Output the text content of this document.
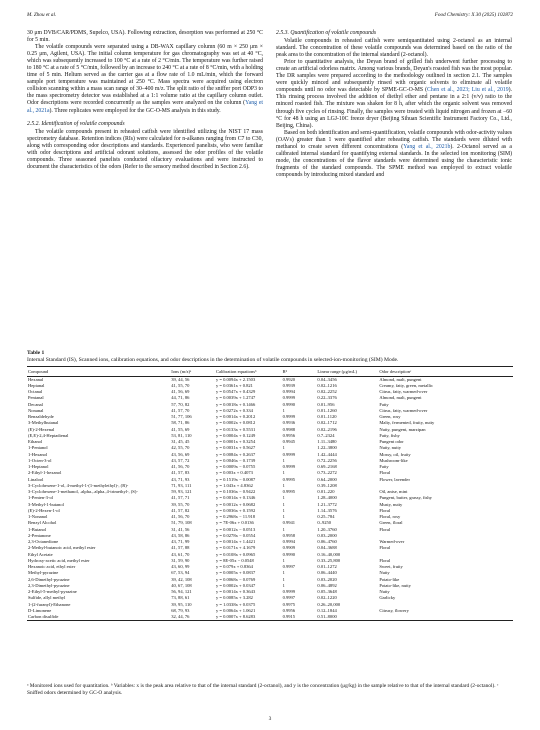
M. Zhou et al.	Food Chemistry: X 30 (2025) 102872

30 μm DVB/CAR/PDMS, Supelco, USA). Following extraction, desorption was performed at 250 °C for 5 min.

The volatile compounds were separated using a DB-WAX capillary column (60 m × 250 μm × 0.25 μm, Agilent, USA). The initial column temperature for gas chromatography was set at 40 °C, which was subsequently increased to 100 °C at a rate of 2 °C/min. The temperature was further raised to 180 °C at a rate of 5 °C/min, followed by an increase to 240 °C at a rate of 8 °C/min, with a holding time of 5 min. Helium served as the carrier gas at a flow rate of 1.0 mL/min, which the forward sample port temperature was maintained at 250 °C. Mass spectra were acquired using electron collision scanning within a mass scan range of 30–400 m/z. The split ratio of the sniffer port ODP3 to the mass spectrometry detector was established at a 1:1 volume ratio at the capillary column outlet. Odor descriptions were recorded concurrently as the samples were analyzed on the column (Yang et al., 2021a). Three replicates were employed for the GC-O-MS analysis in this study.

2.5.2. Identification of volatile compounds

The volatile compounds present in reheated catfish were identified utilizing the NIST 17 mass spectrometry database. Retention indices (RIs) were calculated for n-alkanes ranging from C7 to C30, along with corresponding odor descriptions and standards. Experienced panelists, who were familiar with odor descriptions and artificial odorant solutions, assessed the odor profiles of the volatile compounds. Three seasoned panelists conducted olfactory evaluations and were instructed to document the characteristics of the odors (Refer to the sensory method described in Section 2.6).

2.5.3. Quantification of volatile compounds

Volatile compounds in reheated catfish were semiquantitated using 2-octanol as an internal standard. The concentration of these volatile compounds was determined based on the ratio of the peak area to the concentration of the internal standard (2-octanol).

Prior to quantitative analysis, the Deyan brand of grilled fish underwent further processing to create an artificial odorless matrix. Among various brands, Deyan's roasted fish was the most popular. The DR samples were prepared according to the methodology outlined in section 2.1. The samples were quickly minced and subsequently rinsed with organic solvents to eliminate all volatile compounds until no odor was detectable by SPME-GC-O-MS (Chen et al., 2023; Liu et al., 2019). This rinsing process involved the addition of diethyl ether and pentane in a 2:1 (v/v) ratio to the minced roasted fish. The mixture was shaken for 8 h, after which the organic solvent was removed through five cycles of rinsing. Finally, the samples were treated with liquid nitrogen and frozen at −60 °C for 48 h using an LGJ-10C freeze dryer (Beijing Sihuan Scientific Instrument Factory Co., Ltd., Beijing, China).

Based on both identification and semi-quantification, volatile compounds with odor-activity values (OAVs) greater than 1 were quantified after reheating catfish. The standards were diluted with methanol to create seven different concentrations (Yang et al., 2021b). 2-Octanol served as a calibrated internal standard for quantifying external standards. In the selected ion monitoring (SIM) mode, the concentrations of the flavor standards were determined using the characteristic ionic fragments of the standard compounds. The SPME method was employed to extract volatile compounds by introducing mixed standard and

Table 1
Internal Standard (IS), Scanned ions, calibration equations, and odor descriptions in the determination of volatile compounds in selected-ion-monitoring (SIM) Mode.
Compound	Ions (m/z)ᵃ	Calibration equationsᵇ	R²	Linear range (μg/mL)	Odor descriptionᶜ
Hexanal	39, 44, 56	y = 0.0094x + 2.1503	0.9920	0.04–3456	Almond, malt, pungent
Heptanal	41, 55, 70	y = 0.0361x + 0.821	0.9939	0.02–1216	Creamy, fatty, green, metallic
Octanal	41, 56, 69	y = 0.0547x + 0.4329	0.9994	0.02–2252	Citrus, fatty, warmed-over
Pentanal	44, 71, 86	y = 0.0039x + 1.2747	0.9999	0.22–3376	Almond, malt, pungent
Decanal	57, 70, 82	y = 0.0018x + 0.1466	0.9990	0.01–956	Fatty
Nonanal	41, 57, 70	y = 0.0272x + 0.334	1	0.01–1260	Citrus, fatty, warmed-over
Benzaldehyde	51, 77, 106	y = 0.0014x + 0.2012	0.9999	0.01–1120	Green, rosy
3-Methylbutanal	58, 71, 86	y = 0.0002x + 0.0812	0.9936	0.02–1712	Malty, fermented, fruity, nutty
(E)-2-Hexenal	41, 55, 69	y = 0.0133x + 0.5531	0.9988	0.02–2196	Nutty, pungent, marzipan
(E,E)-2,4-Heptadienal	53, 81, 110	y = 0.0004x + 0.1249	0.9956	0.7–2324	Fatty, fishy
Ethanol	31, 45, 45	y = 0.0001x + 0.3254	0.9945	1.11–3480	Pungent odor
1-Pentanol	42, 55, 70	y = 0.0031x + 0.5627	1	1.22–3800	Nutty, nutty
1-Hexanol	43, 56, 69	y = 0.0084x + 0.2637	0.9999	1.42–4444	Mossy, oil, fruity
1-Octen-3-ol	43, 57, 72	y = 0.0046x − 0.1739	1	0.72–2256	Mushroom-like
1-Heptanol	41, 56, 70	y = 0.0009x − 0.0755	0.9999	0.69–2168	Fatty
2-Ethyl-1-hexanol	41, 57, 83	y = 0.003x + 0.4073	1	0.73–2272	Floral
Linalool	43, 71, 93	y = 0.1519x − 0.0087	0.9995	0.64–2000	Flower, lavender
3-Cyclohexene-1-ol, 4-methyl-1-(1-methylethyl)-, (R)-	71, 93, 111	y = 1.043x + 4.8362	1	0.39–1208	
3-Cyclohexene-1-methanol, .alpha.,.alpha.,4-trimethyl-, (S)-	59, 93, 121	y = 0.1036x − 0.9422	0.9995	0.01–220	Oil, anise, mint
1-Penten-3-ol	41, 57, 71	y = 0.0014x + 0.1346	1	1.28–4000	Pungent, butter, grassy, fishy
3-Methyl-1-butanol	39, 55, 70	y = 0.0012x + 0.0682	1	1.21–3772	Musty, nutty
(E)-2-Hexen-1-ol	41, 57, 82	y = 0.0036x + 0.1592	1	1.14–3576	Floral
1-Nonanol	41, 56, 70	y = 0.2968x − 11.918	1	0.25–784	Floral, rosy
Benzyl Alcohol	51, 79, 108	y = 7E-06x + 0.0136	0.9941	0–9250	Green, floral
1-Butanol	31, 41, 56	y = 0.0012x − 0.0513	1	1.20–3760	Floral
2-Pentanone	43, 58, 86	y = 0.0278x − 0.0554	0.9958	0.03–2000	
2,3-Octanedione	43, 71, 99	y = 0.0014x + 1.4421	0.9994	0.06–4760	Warmed-over
2-Methyl-butanoic acid, methyl ester	41, 57, 88	y = 0.0171x + 4.1679	0.9909	0.04–3688	Floral
Ethyl Acetate	43, 61, 70	y = 0.0108x + 0.0965	0.9990	0.16–40,000	
Hydroxy-acetic acid, methyl ester	31, 59, 90	y = 8E-05x − 0.0548	1	0.33–25,800	Floral
Hexanoic acid, ethyl ester	43, 60, 99	y = 0.079x + 0.8364	0.9997	0.01–1272	Sweet, fruity
Methyl-pyrazine	67, 53, 94	y = 0.0005x + 0.0837	1	0.06–4440	Nutty
2,6-Dimethyl-pyrazine	39, 42, 108	y = 0.0068x − 0.0769	1	0.03–2020	Potato-like
2,3-Dimethyl-pyrazine	40, 67, 108	y = 0.0002x + 0.0347	1	0.06–4892	Potato-like, nutty
2-Ethyl-5-methyl-pyrazine	56, 94, 121	y = 0.0014x + 0.3643	0.9999	0.05–3648	Nutty
Sulfide, allyl methyl	73, 88, 61	y = 0.0085x + 3.282	0.9997	0.02–1220	Garlicky
1-(2-furanyl)-Ethanone	39, 95, 110	y = 1.0338x + 0.0375	0.9975	0.26–20,000	
D-Limonene	68, 79, 93	y = 0.0064x + 1.0621	0.9956	0.12–1844	Citrusy, flowery
Carbon disulfide	32, 44, 76	y = 0.0007x + 8.6283	0.9915	0.51–8000	
ᵃ Monitored ions used for quantitation. ᵇ Variables: x is the peak area relative to that of the internal standard (2-octanol), and y is the concentration (μg/kg) in the sample relative to that of the internal standard (2-octanol). ᶜ Sniffed odors determined by GC-O analysis.
3
